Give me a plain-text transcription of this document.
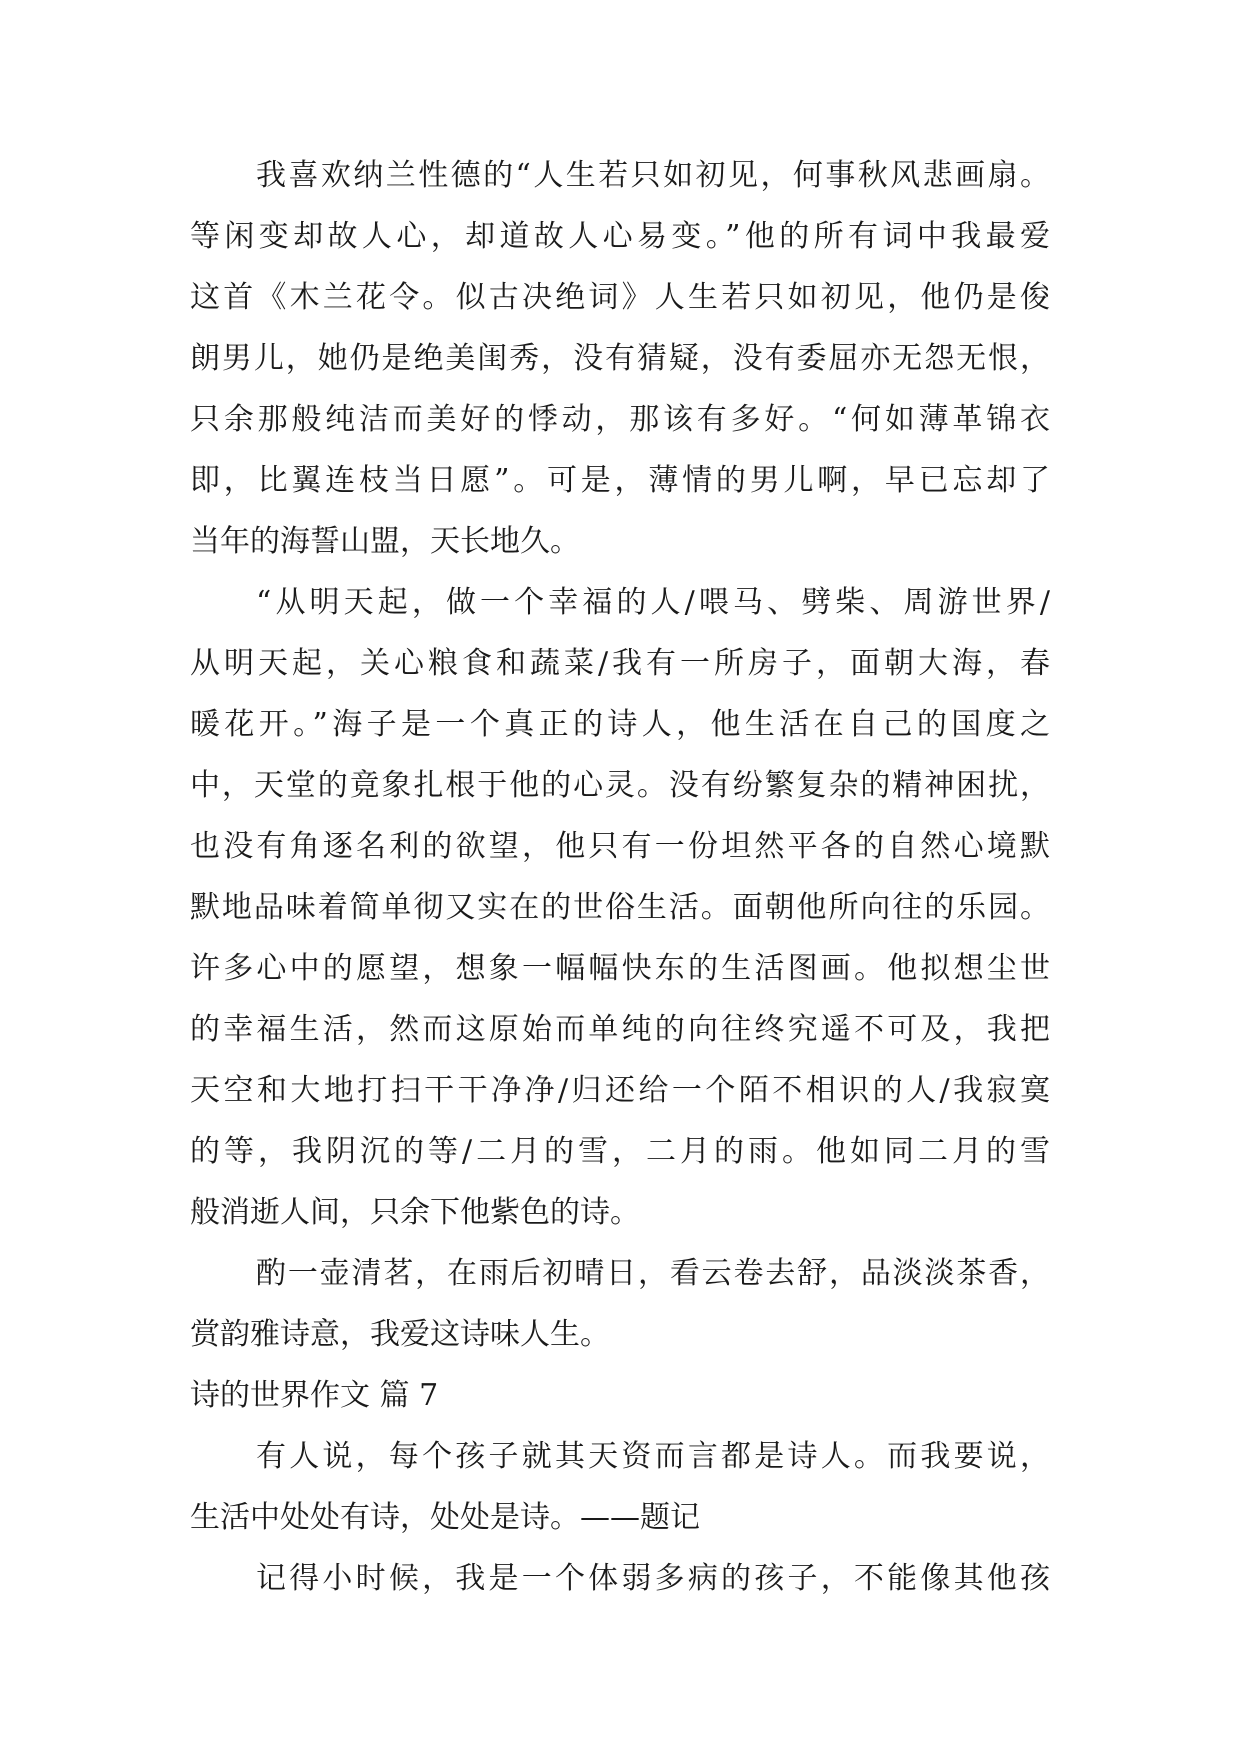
我喜欢纳兰性德的“人生若只如初见，何事秋风悲画扇。
等闲变却故人心，却道故人心易变。”他的所有词中我最爱
这首《木兰花令。似古决绝词》人生若只如初见，他仍是俊
朗男儿，她仍是绝美闺秀，没有猜疑，没有委屈亦无怨无恨，
只余那般纯洁而美好的悸动，那该有多好。“何如薄革锦衣
即，比翼连枝当日愿”。可是，薄情的男儿啊，早已忘却了
当年的海誓山盟，天长地久。
“从明天起，做一个幸福的人/喂马、劈柴、周游世界/
从明天起，关心粮食和蔬菜/我有一所房子，面朝大海，春
暖花开。”海子是一个真正的诗人，他生活在自己的国度之
中，天堂的竟象扎根于他的心灵。没有纷繁复杂的精神困扰，
也没有角逐名利的欲望，他只有一份坦然平各的自然心境默
默地品味着简单彻又实在的世俗生活。面朝他所向往的乐园。
许多心中的愿望，想象一幅幅快东的生活图画。他拟想尘世
的幸福生活，然而这原始而单纯的向往终究遥不可及，我把
天空和大地打扫干干净净/归还给一个陌不相识的人/我寂寞
的等，我阴沉的等/二月的雪，二月的雨。他如同二月的雪
般消逝人间，只余下他紫色的诗。
酌一壶清茗，在雨后初晴日，看云卷去舒，品淡淡茶香，
赏韵雅诗意，我爱这诗味人生。
诗的世界作文 篇 7
有人说，每个孩子就其天资而言都是诗人。而我要说，
生活中处处有诗，处处是诗。——题记
记得小时候，我是一个体弱多病的孩子，不能像其他孩
